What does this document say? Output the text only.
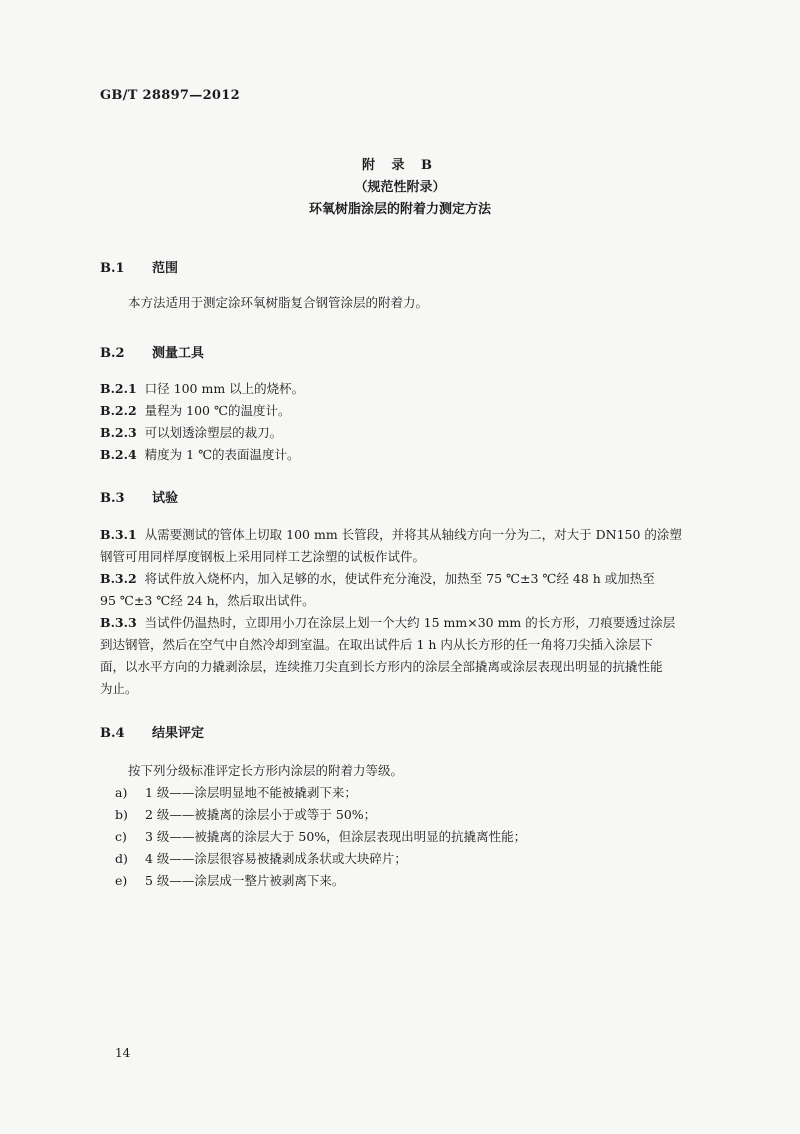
GB/T 28897—2012
附 录 B
（规范性附录）
环氧树脂涂层的附着力测定方法
B.1 范围
本方法适用于测定涂环氧树脂复合钢管涂层的附着力。
B.2 测量工具
B.2.1 口径 100 mm 以上的烧杯。
B.2.2 量程为 100 ℃的温度计。
B.2.3 可以划透涂塑层的裁刀。
B.2.4 精度为 1 ℃的表面温度计。
B.3 试验
B.3.1 从需要测试的管体上切取 100 mm 长管段，并将其从轴线方向一分为二，对大于 DN150 的涂塑
钢管可用同样厚度钢板上采用同样工艺涂塑的试板作试件。
B.3.2 将试件放入烧杯内，加入足够的水，使试件充分淹没，加热至 75 ℃±3 ℃经 48 h 或加热至
95 ℃±3 ℃经 24 h，然后取出试件。
B.3.3 当试件仍温热时，立即用小刀在涂层上划一个大约 15 mm×30 mm 的长方形，刀痕要透过涂层
到达钢管，然后在空气中自然冷却到室温。在取出试件后 1 h 内从长方形的任一角将刀尖插入涂层下
面，以水平方向的力撬剥涂层，连续推刀尖直到长方形内的涂层全部撬离或涂层表现出明显的抗撬性能
为止。
B.4 结果评定
按下列分级标准评定长方形内涂层的附着力等级。
a) 1 级——涂层明显地不能被撬剥下来；
b) 2 级——被撬离的涂层小于或等于 50%；
c) 3 级——被撬离的涂层大于 50%，但涂层表现出明显的抗撬离性能；
d) 4 级——涂层很容易被撬剥成条状或大块碎片；
e) 5 级——涂层成一整片被剥离下来。
14
